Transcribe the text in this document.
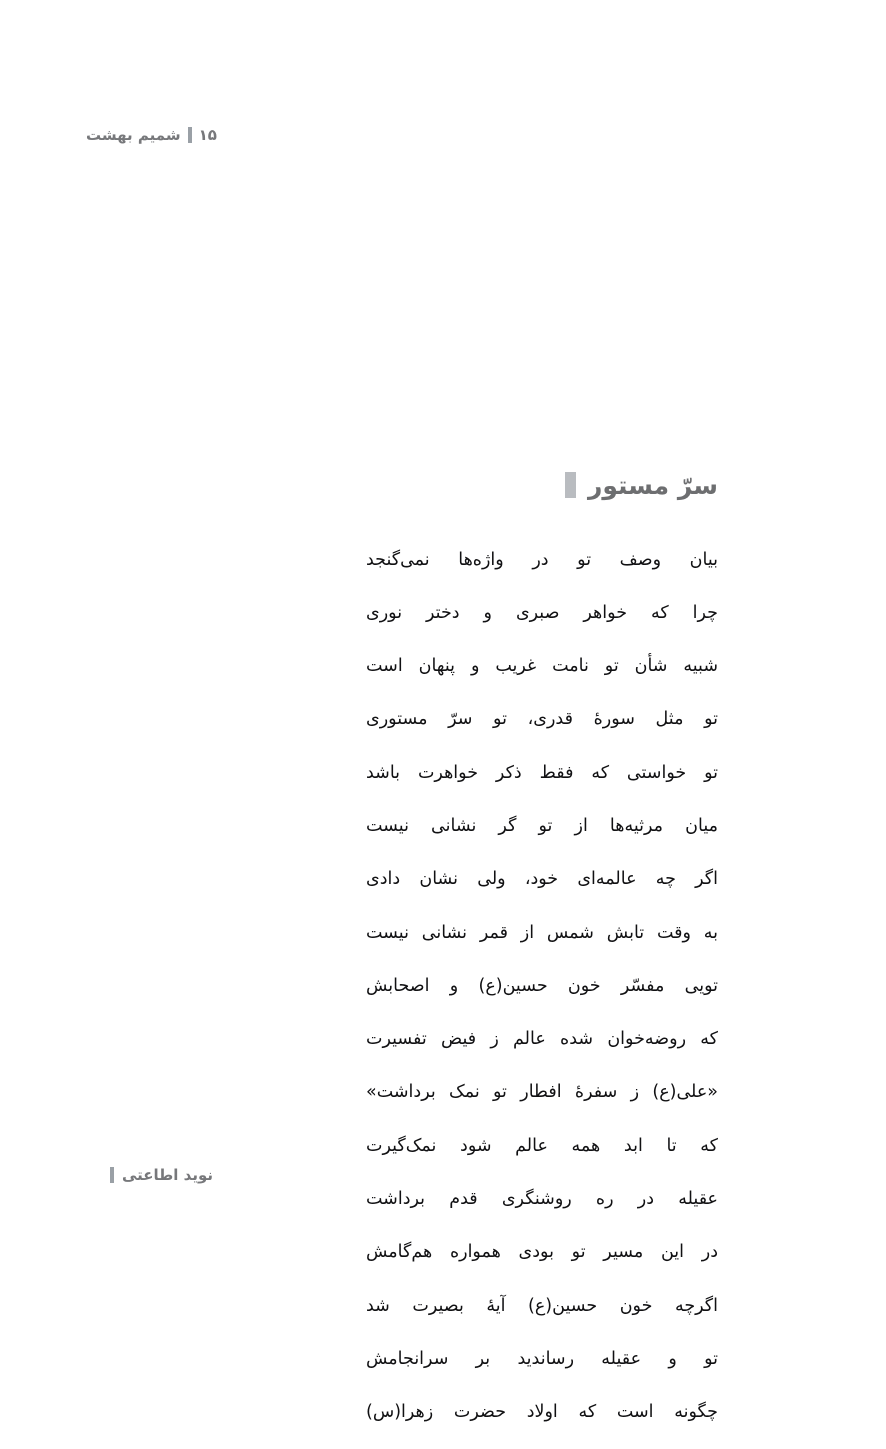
شمیم بهشت ۱۵
سرّ مستور

بیان وصف تو در واژه‌ها نمی‌گنجد

چرا که خواهر صبری و دختر نوری

شبیه شأن تو نامت غریب و پنهان است

تو مثل سورهٔ قدری، تو سرّ مستوری

تو خواستی که فقط ذکر خواهرت باشد

میان مرثیه‌ها از تو گر نشانی نیست

اگر چه عالمه‌ای خود، ولی نشان دادی

به وقت تابش شمس از قمر نشانی نیست

تویی مفسّر خون حسین(ع) و اصحابش

که روضه‌خوان شده عالم ز فیض تفسیرت

«علی(ع) ز سفرهٔ افطار تو نمک برداشت»

که تا ابد همه عالم شود نمک‌گیرت

عقیله در ره روشنگری قدم برداشت

در این مسیر تو بودی همواره هم‌گامش

اگرچه خون حسین(ع) آیهٔ بصیرت شد

تو و عقیله رساندید بر سرانجامش

چگونه است که اولاد حضرت زهرا(س)

نوید اطاعتی
